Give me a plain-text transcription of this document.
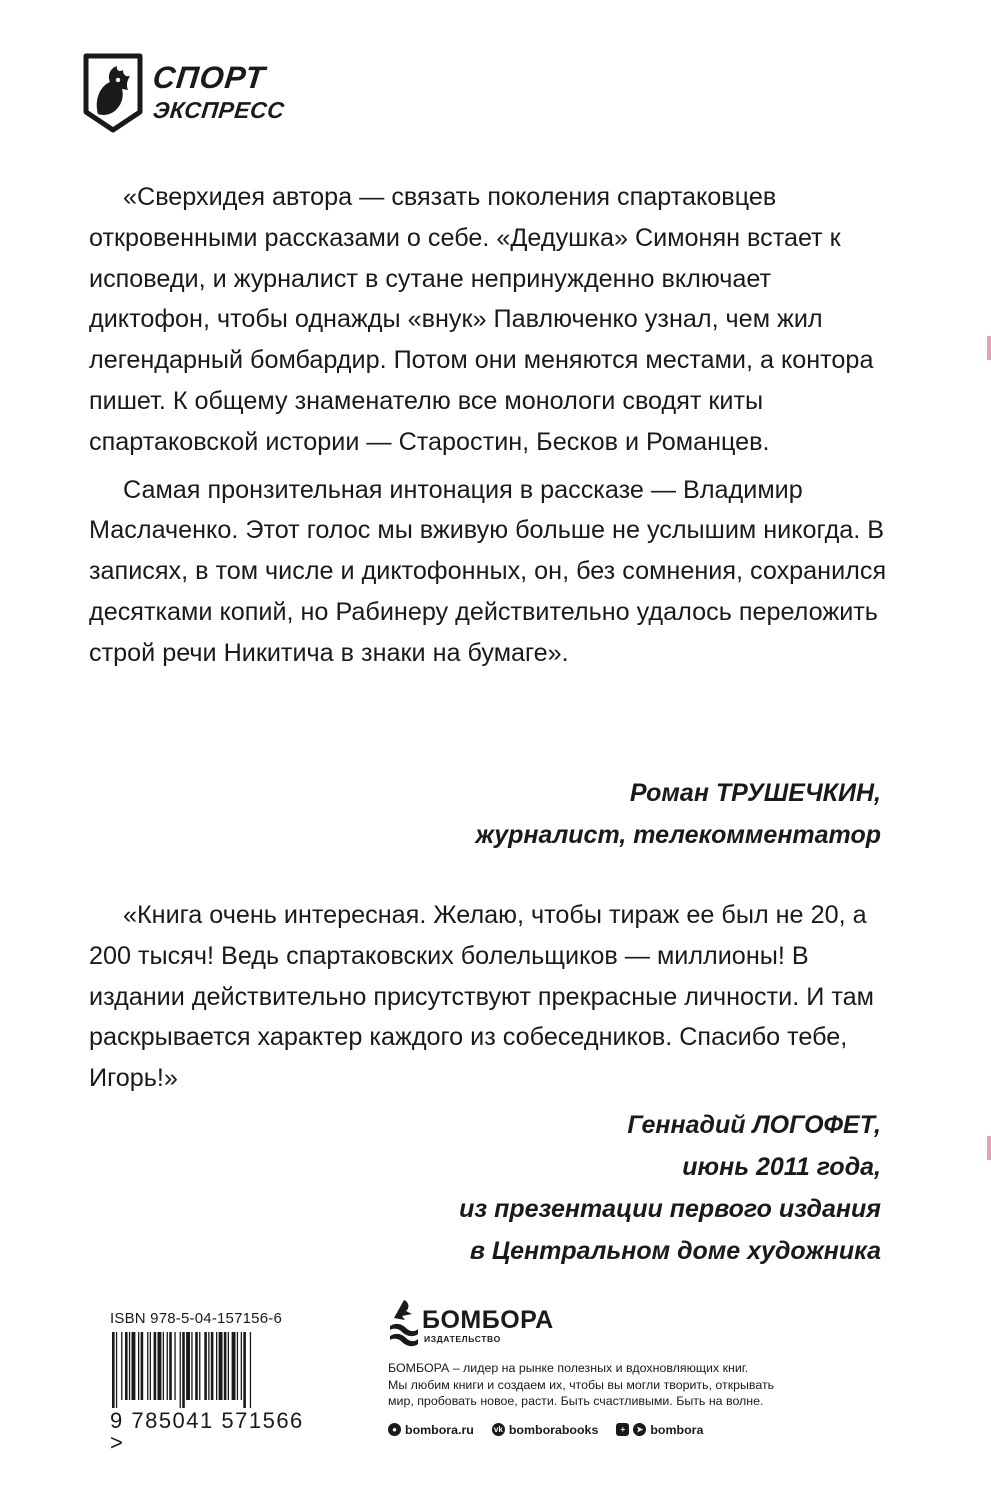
СПОРТ
ЭКСПРЕСС

«Сверхидея автора — связать поколения спартаковцев откровенными рассказами о себе. «Дедушка» Симонян встает к исповеди, и журналист в сутане непринужденно включает диктофон, чтобы однажды «внук» Павлюченко узнал, чем жил легендарный бомбардир. Потом они меняются местами, а контора пишет. К общему знаменателю все монологи сводят киты спартаковской истории — Старостин, Бесков и Романцев.

Самая пронзительная интонация в рассказе — Владимир Маслаченко. Этот голос мы вживую больше не услышим никогда. В записях, в том числе и диктофонных, он, без сомнения, сохранился десятками копий, но Рабинеру действительно удалось переложить строй речи Никитича в знаки на бумаге».

Роман ТРУШЕЧКИН,
журналист, телекомментатор

«Книга очень интересная. Желаю, чтобы тираж ее был не 20, а 200 тысяч! Ведь спартаковских болельщиков — миллионы! В издании действительно присутствуют прекрасные личности. И там раскрывается характер каждого из собеседников. Спасибо тебе, Игорь!»

Геннадий ЛОГОФЕТ,
июнь 2011 года,
из презентации первого издания
в Центральном доме художника
ISBN 978-5-04-157156-6
9 785041 571566 >
БОМБОРА
ИЗДАТЕЛЬСТВО
БОМБОРА – лидер на рынке полезных и вдохновляющих книг.
Мы любим книги и создаем их, чтобы вы могли творить, открывать
мир, пробовать новое, расти. Быть счастливыми. Быть на волне.
● bombora.ru	vk bomborabooks	+	➤ bombora
